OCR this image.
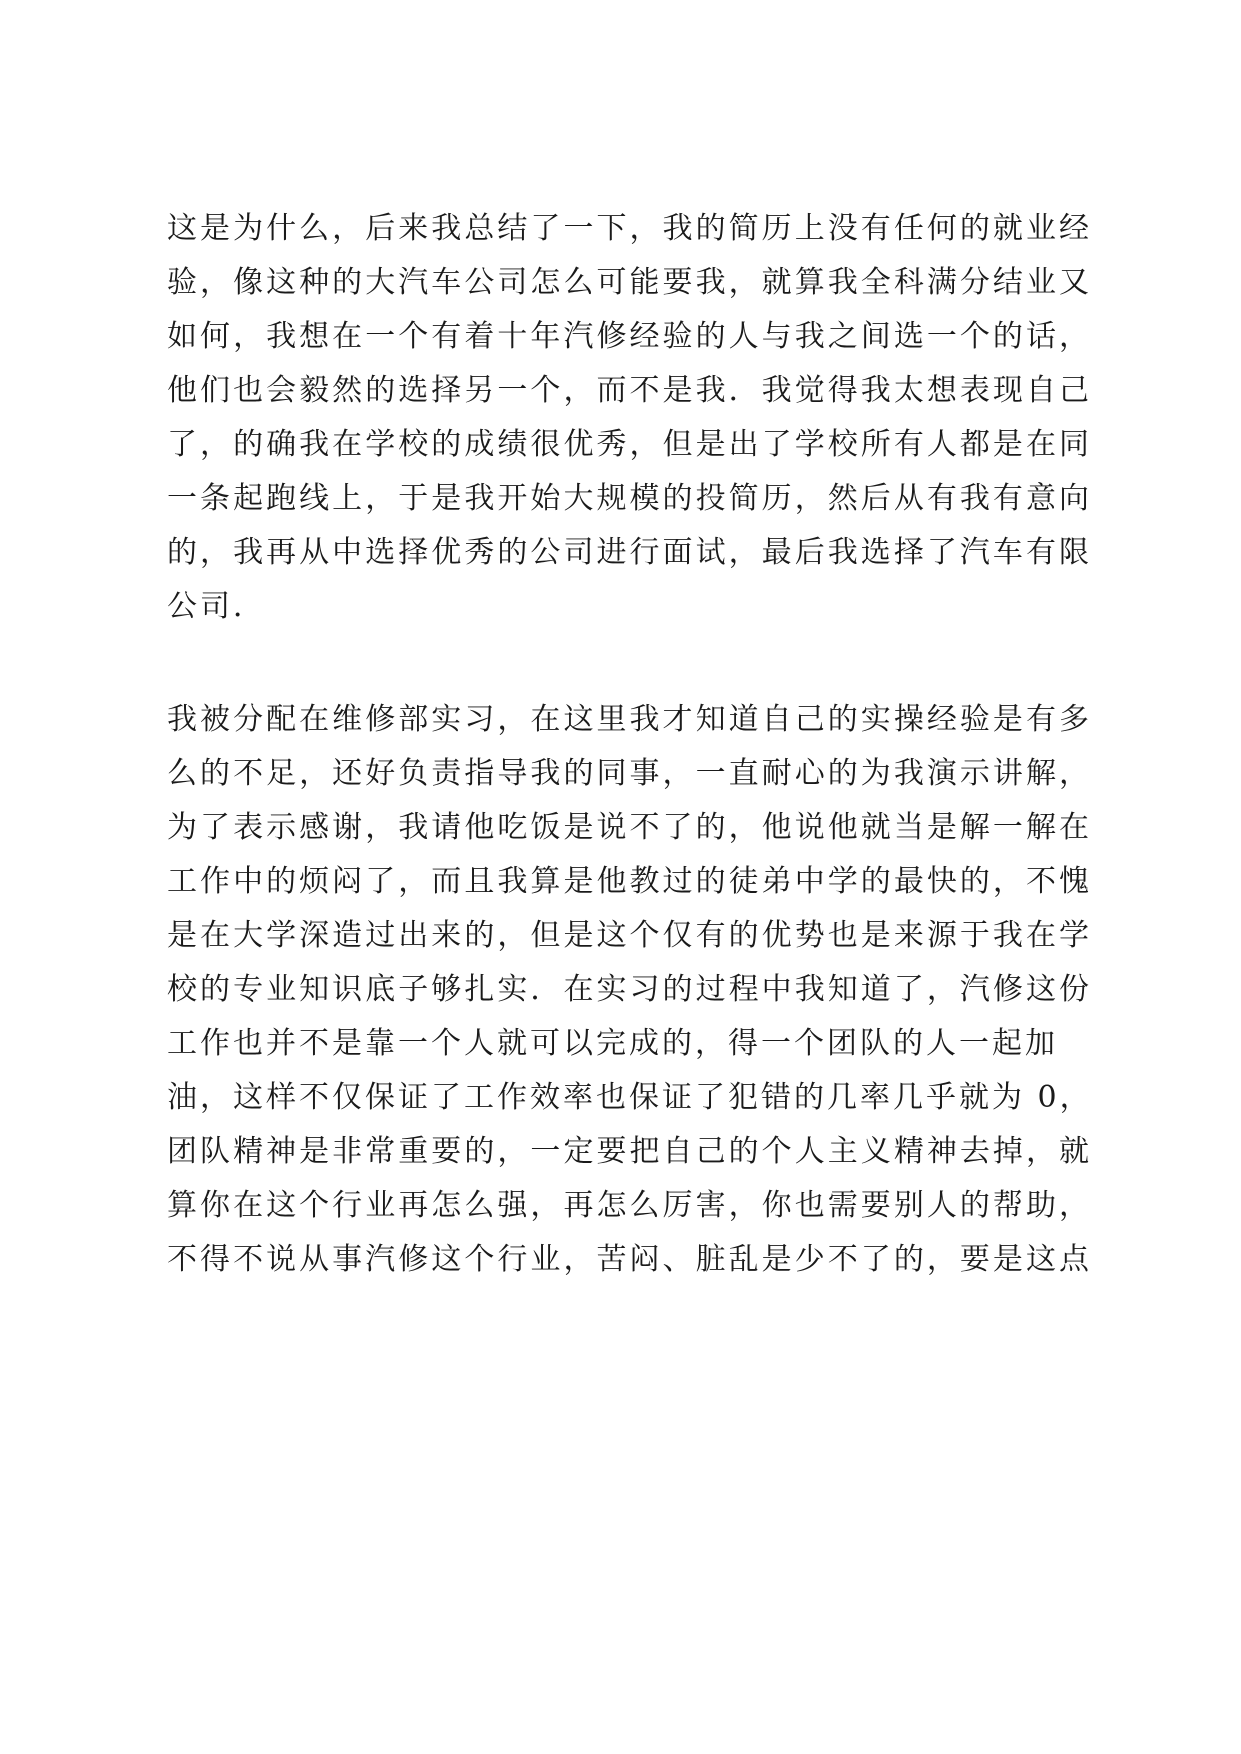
这是为什么，后来我总结了一下，我的简历上没有任何的就业经
验，像这种的大汽车公司怎么可能要我，就算我全科满分结业又
如何，我想在一个有着十年汽修经验的人与我之间选一个的话，
他们也会毅然的选择另一个，而不是我．我觉得我太想表现自己
了，的确我在学校的成绩很优秀，但是出了学校所有人都是在同
一条起跑线上，于是我开始大规模的投简历，然后从有我有意向
的，我再从中选择优秀的公司进行面试，最后我选择了汽车有限
公司．
我被分配在维修部实习，在这里我才知道自己的实操经验是有多
么的不足，还好负责指导我的同事，一直耐心的为我演示讲解，
为了表示感谢，我请他吃饭是说不了的，他说他就当是解一解在
工作中的烦闷了，而且我算是他教过的徒弟中学的最快的，不愧
是在大学深造过出来的，但是这个仅有的优势也是来源于我在学
校的专业知识底子够扎实．在实习的过程中我知道了，汽修这份
工作也并不是靠一个人就可以完成的，得一个团队的人一起加
油，这样不仅保证了工作效率也保证了犯错的几率几乎就为 0，
团队精神是非常重要的，一定要把自己的个人主义精神去掉，就
算你在这个行业再怎么强，再怎么厉害，你也需要别人的帮助，
不得不说从事汽修这个行业，苦闷、脏乱是少不了的，要是这点
